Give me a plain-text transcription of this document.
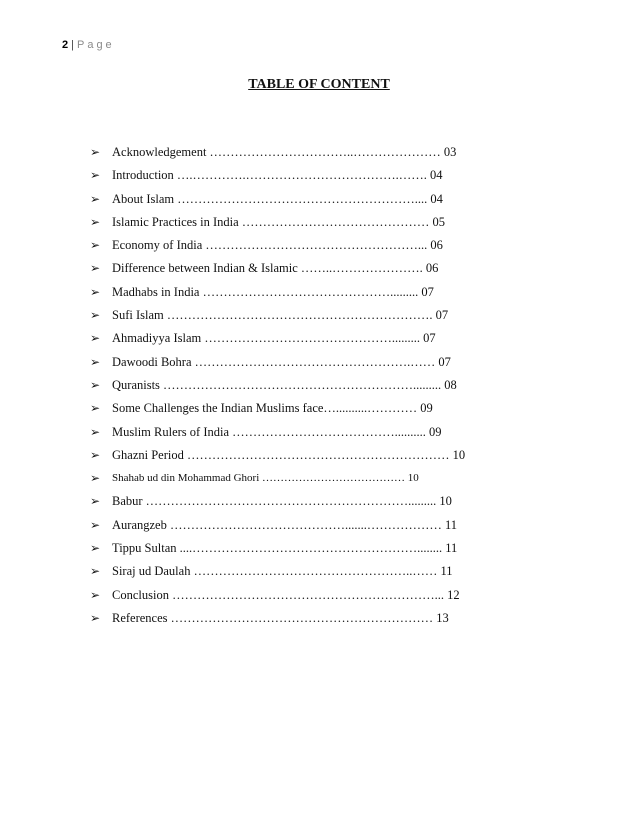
2 | Page
TABLE OF CONTENT
➢ Acknowledgement ……………………………..………………… 03
➢ Introduction ….………….……………………………….……. 04
➢ About Islam ………………………………………………….... 04
➢ Islamic Practices in India ……………………………………… 05
➢ Economy of India ……………………………………………... 06
➢ Difference between Indian & Islamic ……..…………………. 06
➢ Madhabs in India ………………………………………......... 07
➢ Sufi Islam ………………………………………………………. 07
➢ Ahmadiyya Islam ………………………………………......... 07
➢ Dawoodi Bohra …………………………………………….…… 07
➢ Quranists ……………………………………………………......... 08
➢ Some Challenges the Indian Muslims face…..........………… 09
➢ Muslim Rulers of India ………………………………….......... 09
➢ Ghazni Period ……………………………………………………… 10
➢	Shahab ud din Mohammad Ghori ………………………………… 10
➢ Babur ………………………………………………………......... 10
➢ Aurangzeb …………………………………….......……………… 11
➢ Tippu Sultan ....………………………………………………........ 11
➢ Siraj ud Daulah ……………………………………………..…… 11
➢ Conclusion ………………………………………………………... 12
➢ References ……………………………………………………… 13
